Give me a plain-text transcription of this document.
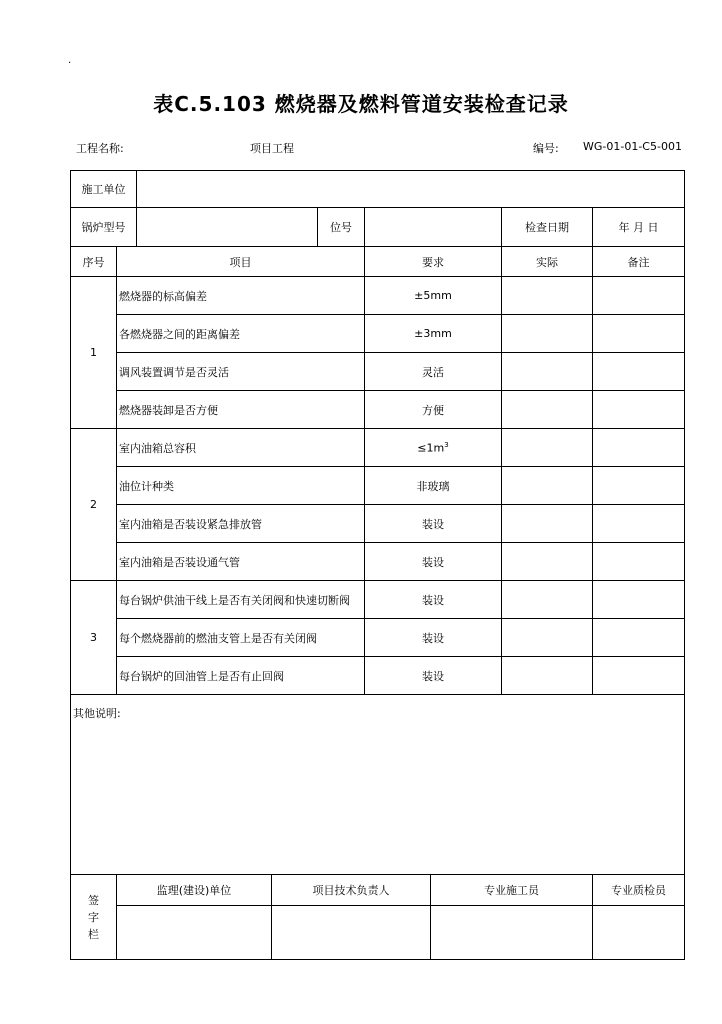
·
表C.5.103 燃烧器及燃料管道安装检查记录
工程名称:	项目工程	编号: WG-01-01-C5-001
施工单位								
锅炉型号				位号			检查日期	年 月 日
序号	项目				要求		实际	备注
1	燃烧器的标高偏差				±5mm			
	各燃烧器之间的距离偏差				±3mm			
	调风装置调节是否灵活				灵活			
	燃烧器装卸是否方便				方便			
2	室内油箱总容积				$\le 1m^3$		
	油位计种类				非玻璃			
	室内油箱是否装设紧急排放管				装设			
	室内油箱是否装设通气管				装设			
3	每台锅炉供油干线上是否有关闭阀和快速切断阀				装设			
	每个燃烧器前的燃油支管上是否有关闭阀				装设			
	每台锅炉的回油管上是否有止回阀				装设			
其他说明:								

签
字
栏	监理(建设)单位		项目技术负责人			专业施工员		专业质检员
